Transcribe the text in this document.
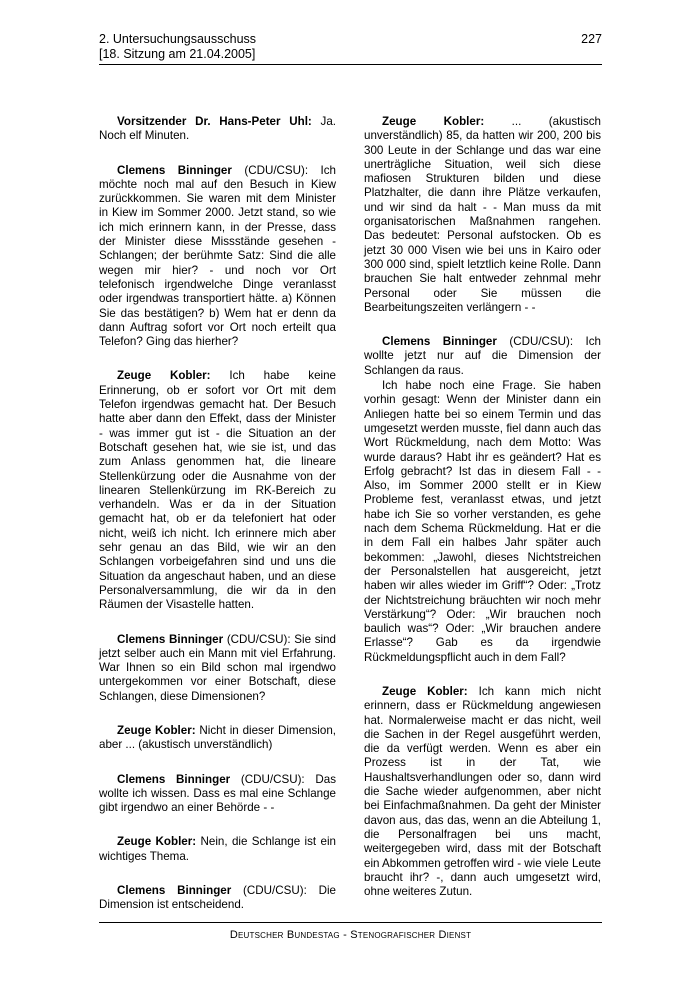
2. Untersuchungsausschuss
[18. Sitzung am 21.04.2005]
227

Vorsitzender Dr. Hans-Peter Uhl: Ja. Noch elf Minuten.

Clemens Binninger (CDU/CSU): Ich möchte noch mal auf den Besuch in Kiew zurückkommen. Sie waren mit dem Minister in Kiew im Sommer 2000. Jetzt stand, so wie ich mich erinnern kann, in der Presse, dass der Minister diese Missstände gesehen - Schlangen; der berühmte Satz: Sind die alle wegen mir hier? - und noch vor Ort telefonisch irgendwelche Dinge veranlasst oder irgendwas transportiert hätte. a) Können Sie das bestätigen? b) Wem hat er denn da dann Auftrag sofort vor Ort noch erteilt qua Telefon? Ging das hierher?

Zeuge Kobler: Ich habe keine Erinnerung, ob er sofort vor Ort mit dem Telefon irgendwas gemacht hat. Der Besuch hatte aber dann den Effekt, dass der Minister - was immer gut ist - die Situation an der Botschaft gesehen hat, wie sie ist, und das zum Anlass genommen hat, die lineare Stellenkürzung oder die Ausnahme von der linearen Stellenkürzung im RK-Bereich zu verhandeln. Was er da in der Situation gemacht hat, ob er da telefoniert hat oder nicht, weiß ich nicht. Ich erinnere mich aber sehr genau an das Bild, wie wir an den Schlangen vorbeigefahren sind und uns die Situation da angeschaut haben, und an diese Personalversammlung, die wir da in den Räumen der Visastelle hatten.

Clemens Binninger (CDU/CSU): Sie sind jetzt selber auch ein Mann mit viel Erfahrung. War Ihnen so ein Bild schon mal irgendwo untergekommen vor einer Botschaft, diese Schlangen, diese Dimensionen?

Zeuge Kobler: Nicht in dieser Dimension, aber ... (akustisch unverständlich)

Clemens Binninger (CDU/CSU): Das wollte ich wissen. Dass es mal eine Schlange gibt irgendwo an einer Behörde - -

Zeuge Kobler: Nein, die Schlange ist ein wichtiges Thema.

Clemens Binninger (CDU/CSU): Die Dimension ist entscheidend.

Zeuge Kobler: ... (akustisch unverständlich) 85, da hatten wir 200, 200 bis 300 Leute in der Schlange und das war eine unerträgliche Situation, weil sich diese mafiosen Strukturen bilden und diese Platzhalter, die dann ihre Plätze verkaufen, und wir sind da halt - - Man muss da mit organisatorischen Maßnahmen rangehen. Das bedeutet: Personal aufstocken. Ob es jetzt 30 000 Visen wie bei uns in Kairo oder 300 000 sind, spielt letztlich keine Rolle. Dann brauchen Sie halt entweder zehnmal mehr Personal oder Sie müssen die Bearbeitungszeiten verlängern - -

Clemens Binninger (CDU/CSU): Ich wollte jetzt nur auf die Dimension der Schlangen da raus.

Ich habe noch eine Frage. Sie haben vorhin gesagt: Wenn der Minister dann ein Anliegen hatte bei so einem Termin und das umgesetzt werden musste, fiel dann auch das Wort Rückmeldung, nach dem Motto: Was wurde daraus? Habt ihr es geändert? Hat es Erfolg gebracht? Ist das in diesem Fall - - Also, im Sommer 2000 stellt er in Kiew Probleme fest, veranlasst etwas, und jetzt habe ich Sie so vorher verstanden, es gehe nach dem Schema Rückmeldung. Hat er die in dem Fall ein halbes Jahr später auch bekommen: „Jawohl, dieses Nichtstreichen der Personalstellen hat ausgereicht, jetzt haben wir alles wieder im Griff“? Oder: „Trotz der Nichtstreichung bräuchten wir noch mehr Verstärkung“? Oder: „Wir brauchen noch baulich was“? Oder: „Wir brauchen andere Erlasse“? Gab es da irgendwie Rückmeldungspflicht auch in dem Fall?

Zeuge Kobler: Ich kann mich nicht erinnern, dass er Rückmeldung angewiesen hat. Normalerweise macht er das nicht, weil die Sachen in der Regel ausgeführt werden, die da verfügt werden. Wenn es aber ein Prozess ist in der Tat, wie Haushaltsverhandlungen oder so, dann wird die Sache wieder aufgenommen, aber nicht bei Einfachmaßnahmen. Da geht der Minister davon aus, das das, wenn an die Abteilung 1, die Personalfragen bei uns macht, weitergegeben wird, dass mit der Botschaft ein Abkommen getroffen wird - wie viele Leute braucht ihr? -, dann auch umgesetzt wird, ohne weiteres Zutun.

Deutscher Bundestag - Stenografischer Dienst
